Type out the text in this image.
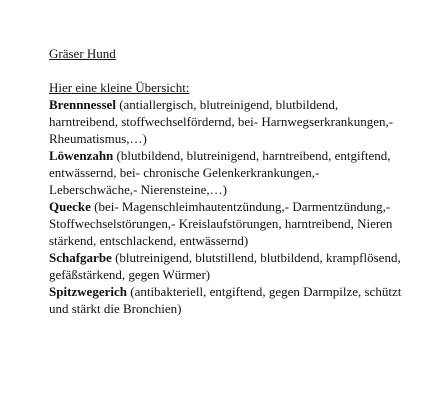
Gräser Hund

Hier eine kleine Übersicht:

Brennnessel (antiallergisch, blutreinigend, blutbildend, harntreibend, stoffwechselfördernd, bei- Harnwegserkrankungen,- Rheumatismus,…)

Löwenzahn (blutbildend, blutreinigend, harntreibend, entgiftend, entwässernd, bei- chronische Gelenkerkrankungen,- Leberschwäche,- Nierensteine,…)

Quecke (bei- Magenschleimhautentzündung,- Darmentzündung,- Stoffwechselstörungen,- Kreislaufstörungen, harntreibend, Nieren stärkend, entschlackend, entwässernd)

Schafgarbe (blutreinigend, blutstillend, blutbildend, krampflösend, gefäßstärkend, gegen Würmer)

Spitzwegerich (antibakteriell, entgiftend, gegen Darmpilze, schützt und stärkt die Bronchien)
